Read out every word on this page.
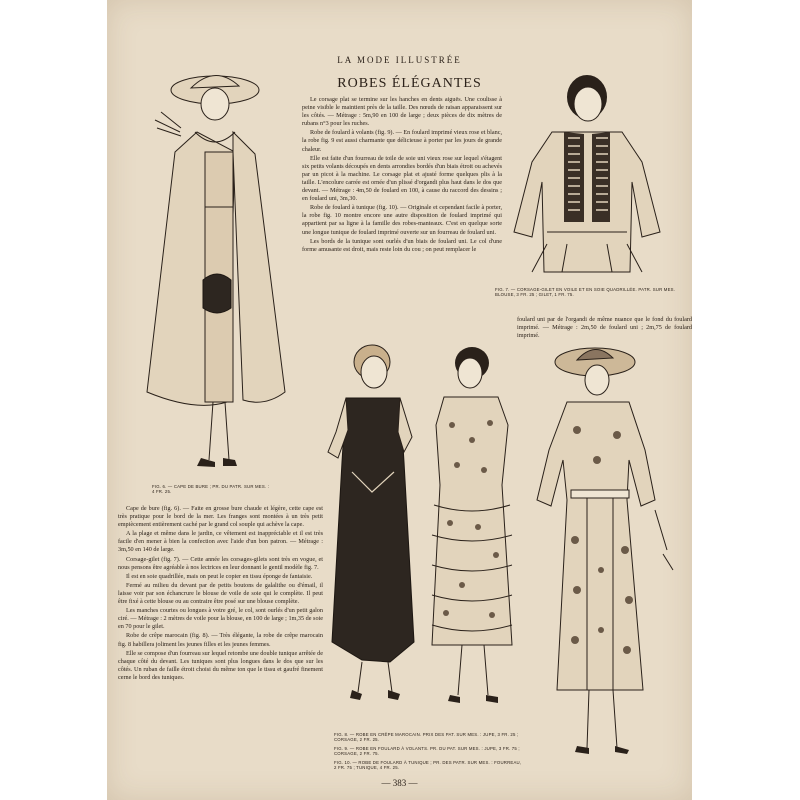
LA MODE ILLUSTRÉE
ROBES ÉLÉGANTES

Le corsage plat se termine sur les hanches en dents aiguës. Une coulisse à peine visible le maintient près de la taille. Des nœuds de raisan apparaissent sur les côtés. — Métrage : 5m,90 en 100 de large ; deux pièces de dix mètres de rubans n°3 pour les ruches.

Robe de foulard à volants (fig. 9). — En foulard imprimé vieux rose et blanc, la robe fig. 9 est aussi charmante que délicieuse à porter par les jours de grande chaleur.

Elle est faite d'un fourreau de toile de soie uni vieux rose sur lequel s'étagent six petits volants découpés en dents arrondies bordés d'un biais étroit ou achevés par un picot à la machine. Le corsage plat et ajusté forme quelques plis à la taille. L'encolure carrée est ornée d'un plissé d'organdi plus haut dans le dos que devant. — Métrage : 4m,50 de foulard en 100, à cause du raccord des dessins ; en foulard uni, 3m,30.

Robe de foulard à tunique (fig. 10). — Originale et cependant facile à porter, la robe fig. 10 montre encore une autre disposition de foulard imprimé qui appartient par sa ligne à la famille des robes-manteaux. C'est en quelque sorte une longue tunique de foulard imprimé ouverte sur un fourreau de foulard uni.

Les bords de la tunique sont ourlés d'un biais de foulard uni. Le col d'une forme amusante est droit, mais reste loin du cou ; on peut remplacer le

foulard uni par de l'organdi de même nuance que le fond du foulard imprimé. — Métrage : 2m,50 de foulard uni ; 2m,75 de foulard imprimé.

Cape de bure (fig. 6). — Faite en grosse bure chaude et légère, cette cape est très pratique pour le bord de la mer. Les franges sont montées à un très petit empiècement entièrement caché par le grand col souple qui achève la cape.

A la plage et même dans le jardin, ce vêtement est inappréciable et il est très facile d'en mener à bien la confection avec l'aide d'un bon patron. — Métrage : 3m,50 en 140 de large.

Corsage-gilet (fig. 7). — Cette année les corsages-gilets sont très en vogue, et nous pensons être agréable à nos lectrices en leur donnant le gentil modèle fig. 7.

Il est en soie quadrillée, mais on peut le copier en tissu éponge de fantaisie.

Fermé au milieu du devant par de petits boutons de galalithe ou d'émail, il laisse voir par son échancrure le blouse de voile de soie qui le complète. Il peut être fixé à cette blouse ou au contraire être posé sur une blouse complète.

Les manches courtes ou longues à votre gré, le col, sont ourlés d'un petit galon ciré. — Métrage : 2 mètres de voile pour la blouse, en 100 de large ; 1m,35 de soie en 70 pour le gilet.

Robe de crêpe marocain (fig. 8). — Très élégante, la robe de crêpe marocain fig. 8 habillera joliment les jeunes filles et les jeunes femmes.

Elle se compose d'un fourreau sur lequel retombe une double tunique arrêtée de chaque côté du devant. Les tuniques sont plus longues dans le dos que sur les côtés. Un ruban de faille étroit choisi du même ton que le tissu et gaufré finement cerne le bord des tuniques.

FIG. 6. — CAPE DE BURE ; PR. DU PATR. SUR MES. : 4 FR. 25.
FIG. 7. — CORSAGE-GILET EN VOILE ET EN SOIE QUADRILLÉE. PATR. SUR MES. BLOUSE, 3 FR. 25 ; GILET, 1 FR. 75.
FIG. 8. — ROBE EN CRÊPE MAROCAIN. PRIX DES PAT. SUR MES. : JUPE, 3 FR. 25 ; CORSAGE, 2 FR. 25.
FIG. 9. — ROBE EN FOULARD À VOLANTS. PR. DU PAT. SUR MES. : JUPE, 3 FR. 75 ; CORSAGE, 2 FR. 75.
FIG. 10. — ROBE DE FOULARD À TUNIQUE ; PR. DES PATR. SUR MES. : FOURREAU, 2 FR. 75 ; TUNIQUE, 4 FR. 25.
— 383 —
